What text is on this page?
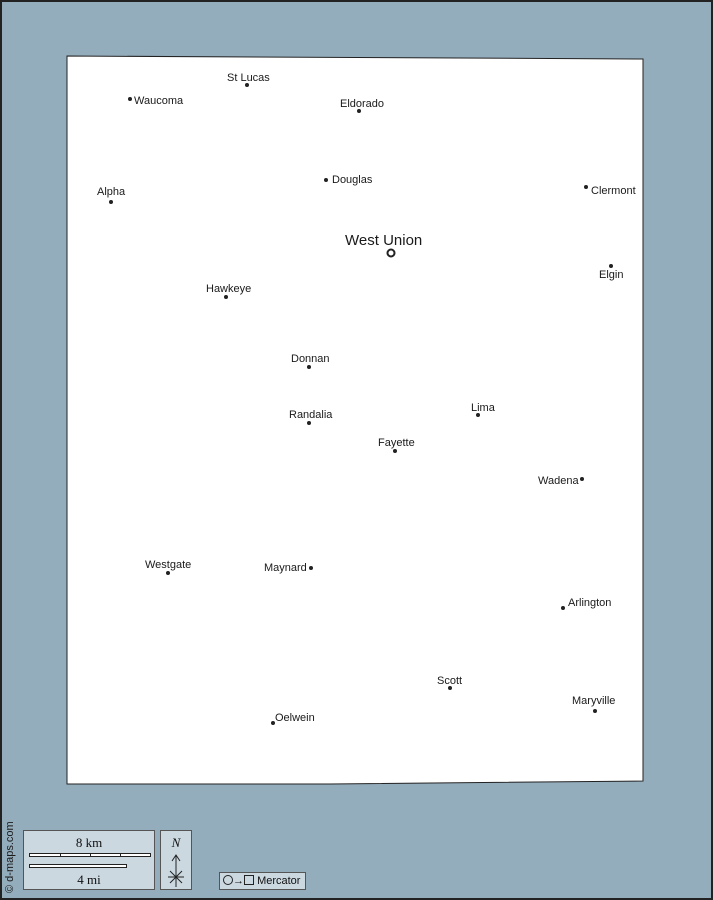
West Union
St Lucas
Waucoma	Eldorado
Douglas
Alpha	Clermont
Elgin
Hawkeye
Donnan
Randalia
Lima
Fayette
Wadena
Westgate	Maynard
Arlington
Scott
Maryville
Oelwein
© d-maps.com	8 km
4 mi
N
→ Mercator
